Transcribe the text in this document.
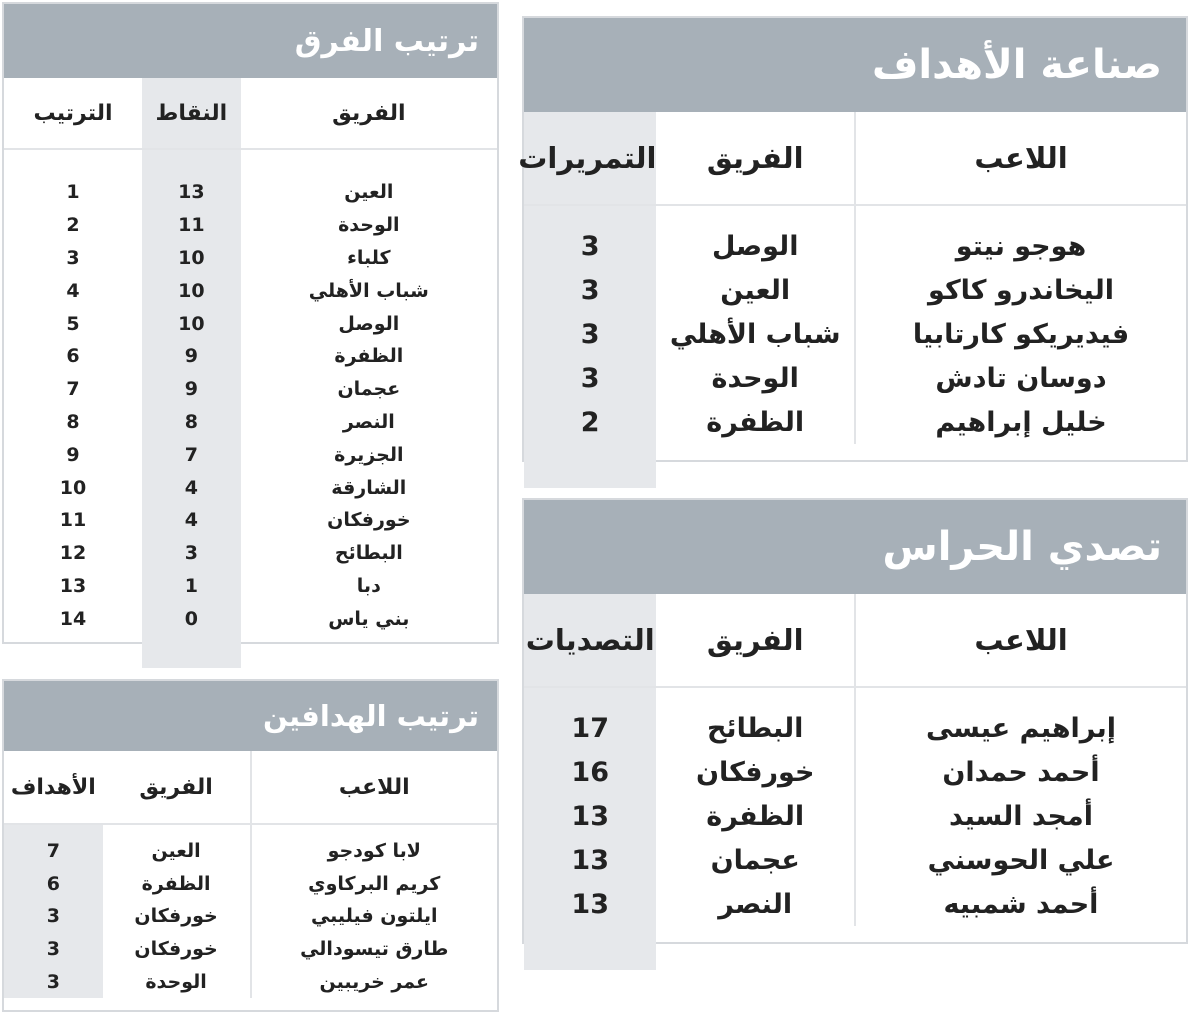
ترتيب الفرق
الفريق	النقاط	الترتيب

العين	13	1
الوحدة	11	2
كلباء	10	3
شباب الأهلي	10	4
الوصل	10	5
الظفرة	9	6
عجمان	9	7
النصر	8	8
الجزيرة	7	9
الشارقة	4	10
خورفكان	4	11
البطائح	3	12
دبا	1	13
بني ياس	0	14

صناعة الأهداف
اللاعب	الفريق	التمريرات

هوجو نيتو	الوصل	3
اليخاندرو كاكو	العين	3
فيديريكو كارتابيا	شباب الأهلي	3
دوسان تادش	الوحدة	3
خليل إبراهيم	الظفرة	2

تصدي الحراس
اللاعب	الفريق	التصديات

إبراهيم عيسى	البطائح	17
أحمد حمدان	خورفكان	16
أمجد السيد	الظفرة	13
علي الحوسني	عجمان	13
أحمد شمبيه	النصر	13

ترتيب الهدافين
اللاعب	الفريق	الأهداف

لابا كودجو	العين	7
كريم البركاوي	الظفرة	6
ايلتون فيليبي	خورفكان	3
طارق تيسودالي	خورفكان	3
عمر خريبين	الوحدة	3
